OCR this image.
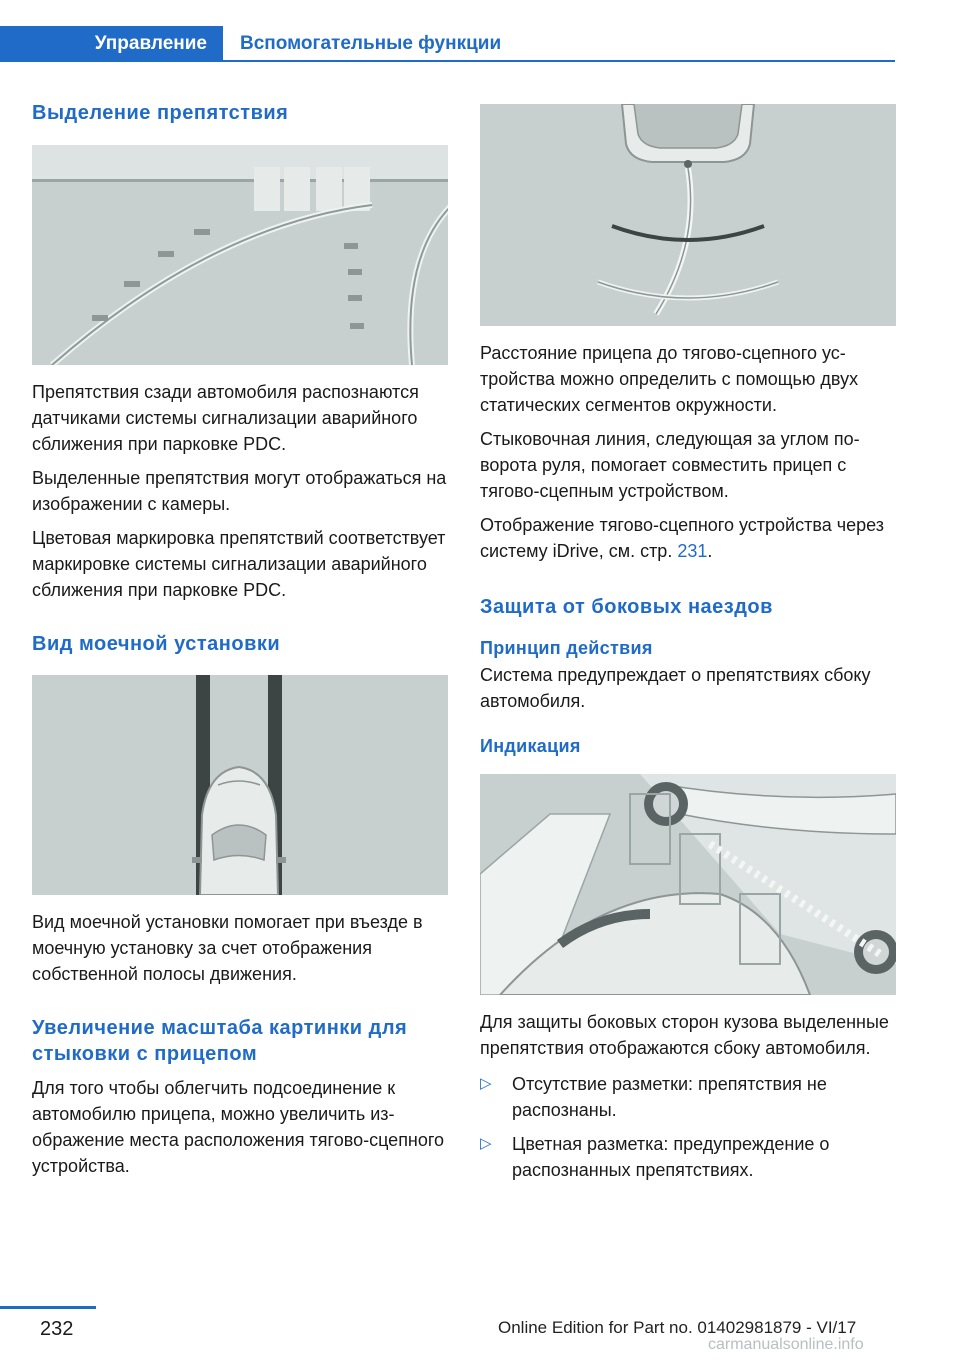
Управление	Вспомогательные функции
Выделение препятствия

Препятствия сзади автомобиля распознаются датчиками системы сигнализации аварийного сближения при парковке PDC.

Выделенные препятствия могут отображаться на изображении с камеры.

Цветовая маркировка препятствий соответствует маркировке системы сигнализации аварийного сближения при парковке PDC.

Вид моечной установки

Вид моечной установки помогает при въезде в моечную установку за счет отображения собственной полосы движения.

Увеличение масштаба картинки для стыковки с прицепом

Для того чтобы облегчить подсоединение к автомобилю прицепа, можно увеличить изображение места расположения тягово-сцепного устройства.

Расстояние прицепа до тягово-сцепного устройства можно определить с помощью двух статических сегментов окружности.

Стыковочная линия, следующая за углом поворота руля, помогает совместить прицеп с тягово-сцепным устройством.

Отображение тягово-сцепного устройства через систему iDrive, см. стр. 231.

Защита от боковых наездов
Принцип действия

Система предупреждает о препятствиях сбоку автомобиля.

Индикация

Для защиты боковых сторон кузова выделенные препятствия отображаются сбоку автомобиля.

▷ Отсутствие разметки: препятствия не распознаны.
▷ Цветная разметка: предупреждение о распознанных препятствиях.
232	Online Edition for Part no. 01402981879 - VI/17
carmanualsonline.info
